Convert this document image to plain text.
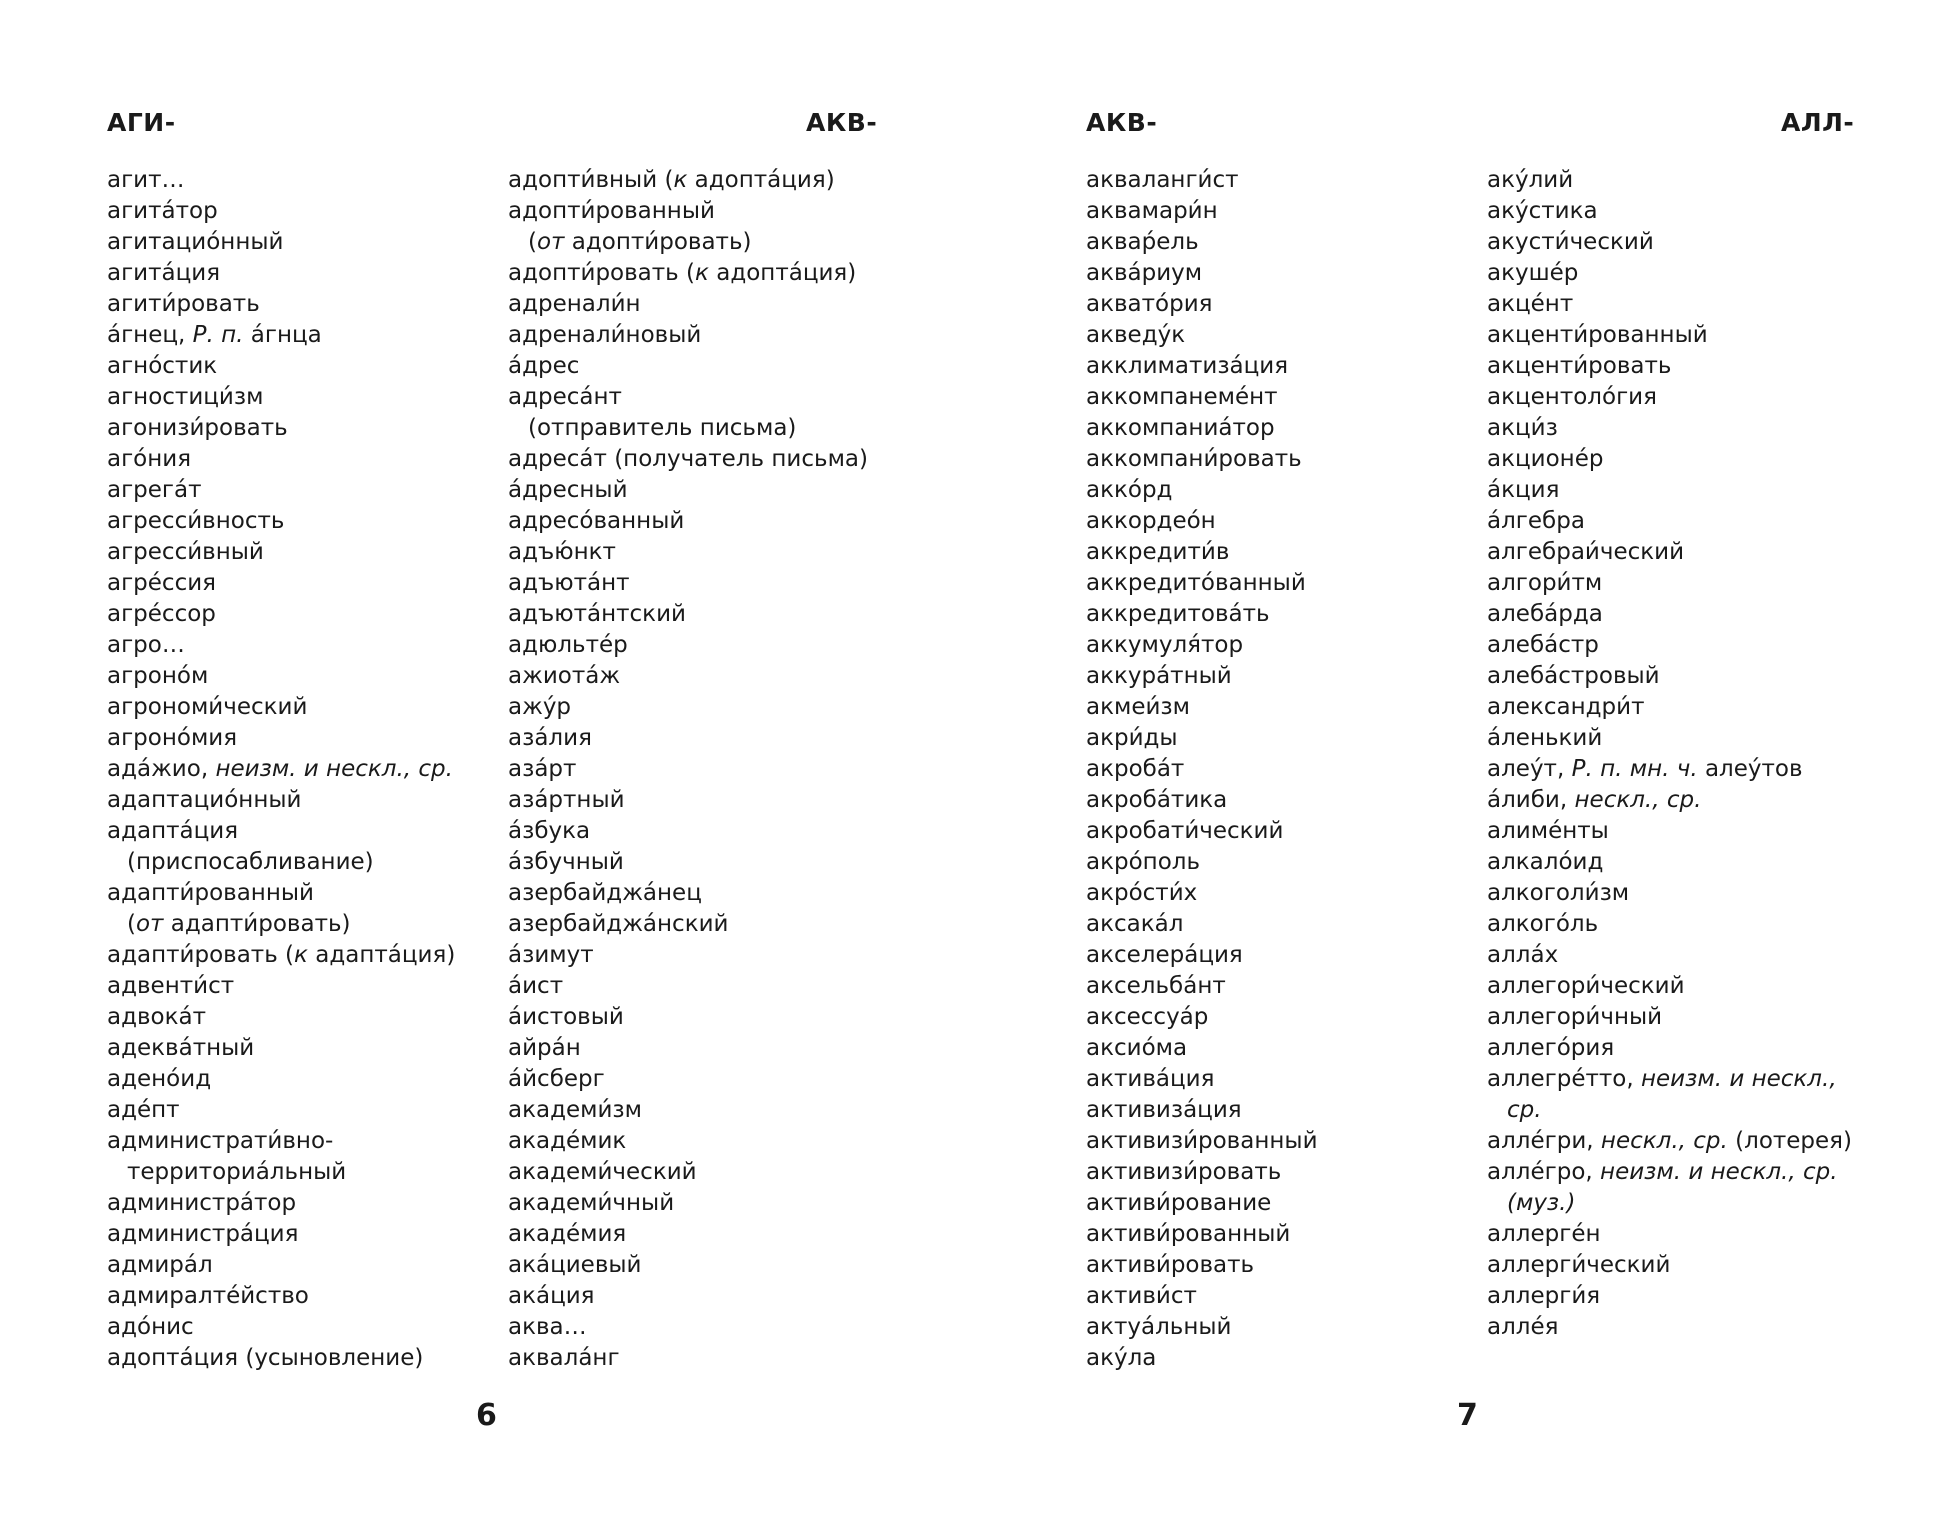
АГИ-	АКВ-
агит…
агита́тор
агитацио́нный
агита́ция
агити́ровать
а́гнец, Р. п. а́гнца
агно́стик
агностици́зм
агонизи́ровать
аго́ния
агрега́т
агресси́вность
агресси́вный
агре́ссия
агре́ссор
агро…
агроно́м
агрономи́ческий
агроно́мия
ада́жио, неизм. и нескл., ср.
адаптацио́нный
адапта́ция
(приспосабливание)
адапти́рованный
(от адапти́ровать)
адапти́ровать (к адапта́ция)
адвенти́ст
адвока́т
адеква́тный
адено́ид
аде́пт
администрати́вно-
территориа́льный
администра́тор
администра́ция
адмира́л
адмиралте́йство
адо́нис
адопта́ция (усыновление)
адопти́вный (к адопта́ция)
адопти́рованный
(от адопти́ровать)
адопти́ровать (к адопта́ция)
адренали́н
адренали́новый
а́дрес
адреса́нт
(отправитель письма)
адреса́т (получатель письма)
а́дресный
адресо́ванный
адъю́нкт
адъюта́нт
адъюта́нтский
адюльте́р
ажиота́ж
ажу́р
аза́лия
аза́рт
аза́ртный
а́збука
а́збучный
азербайджа́нец
азербайджа́нский
а́зимут
а́ист
а́истовый
айра́н
а́йсберг
академи́зм
акаде́мик
академи́ческий
академи́чный
акаде́мия
ака́циевый
ака́ция
аква…
аквала́нг
6
АКВ-	АЛЛ-
акваланги́ст
аквамари́н
аквар́ель
аква́риум
аквато́рия
акведу́к
акклиматиза́ция
аккомпанеме́нт
аккомпаниа́тор
аккомпани́ровать
акко́рд
аккордео́н
аккредити́в
аккредито́ванный
аккредитова́ть
аккумуля́тор
аккура́тный
акмеи́зм
акри́ды
акроба́т
акроба́тика
акробати́ческий
акро́поль
акро́сти́х
аксака́л
акселера́ция
аксельба́нт
аксессуа́р
аксио́ма
актива́ция
активиза́ция
активизи́рованный
активизи́ровать
активи́рование
активи́рованный
активи́ровать
активи́ст
актуа́льный
аку́ла
аку́лий
аку́стика
акусти́ческий
акуше́р
акце́нт
акценти́рованный
акценти́ровать
акцентоло́гия
акци́з
акционе́р
а́кция
а́лгебра
алгебраи́ческий
алгори́тм
алеба́рда
алеба́стр
алеба́стровый
александри́т
а́ленький
алеу́т, Р. п. мн. ч. алеу́тов
а́либи, нескл., ср.
алиме́нты
алкало́ид
алкоголи́зм
алкого́ль
алла́х
аллегори́ческий
аллегори́чный
аллего́рия
аллегре́тто, неизм. и нескл.,
ср.
алле́гри, нескл., ср. (лотерея)
алле́гро, неизм. и нескл., ср.
(муз.)
аллерге́н
аллерги́ческий
аллерги́я
алле́я
7
